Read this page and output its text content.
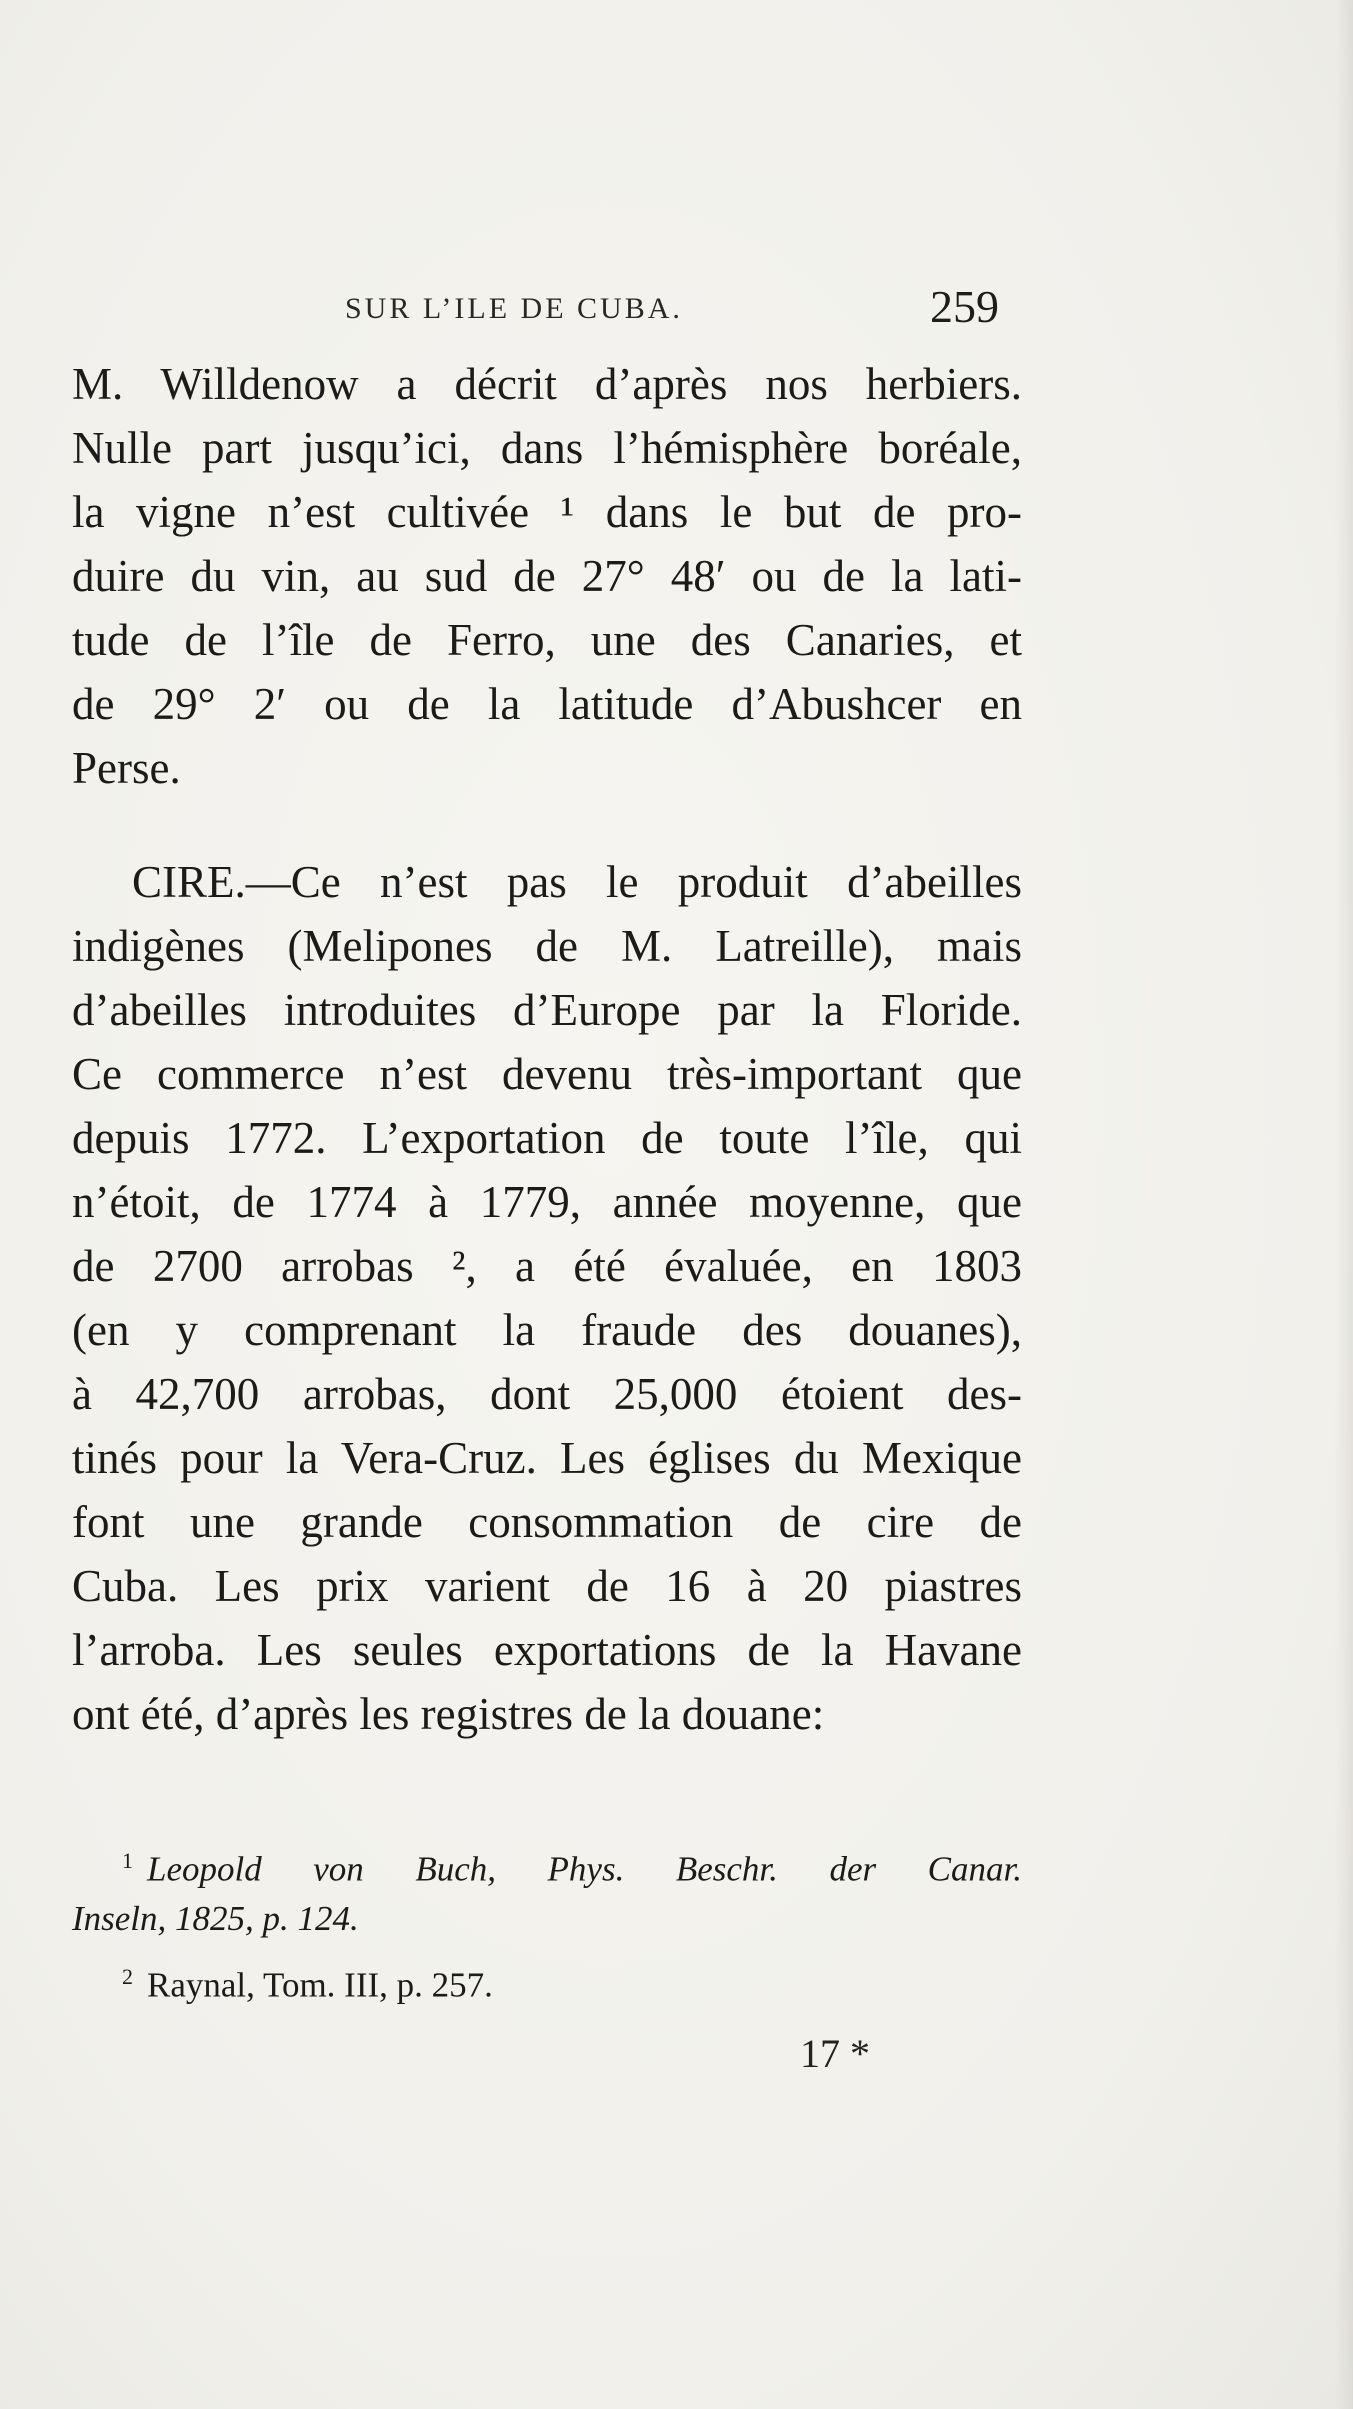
SUR L’ILE DE CUBA.	259
M. Willdenow a décrit d’après nos herbiers.
Nulle part jusqu’ici, dans l’hémisphère boréale,
la vigne n’est cultivée ¹ dans le but de pro-
duire du vin, au sud de 27° 48′ ou de la lati-
tude de l’île de Ferro, une des Canaries, et
de 29° 2′ ou de la latitude d’Abushcer en
Perse.
CIRE.—Ce n’est pas le produit d’abeilles
indigènes (Melipones de M. Latreille), mais
d’abeilles introduites d’Europe par la Floride.
Ce commerce n’est devenu très-important que
depuis 1772. L’exportation de toute l’île, qui
n’étoit, de 1774 à 1779, année moyenne, que
de 2700 arrobas ², a été évaluée, en 1803
(en y comprenant la fraude des douanes),
à 42,700 arrobas, dont 25,000 étoient des-
tinés pour la Vera-Cruz. Les églises du Mexique
font une grande consommation de cire de
Cuba. Les prix varient de 16 à 20 piastres
l’arroba. Les seules exportations de la Havane
ont été, d’après les registres de la douane:
$^1$ Leopold von Buch, Phys. Beschr. der Canar.
Inseln, 1825, p. 124.
$^2$ Raynal, Tom. III, p. 257.
17 *
